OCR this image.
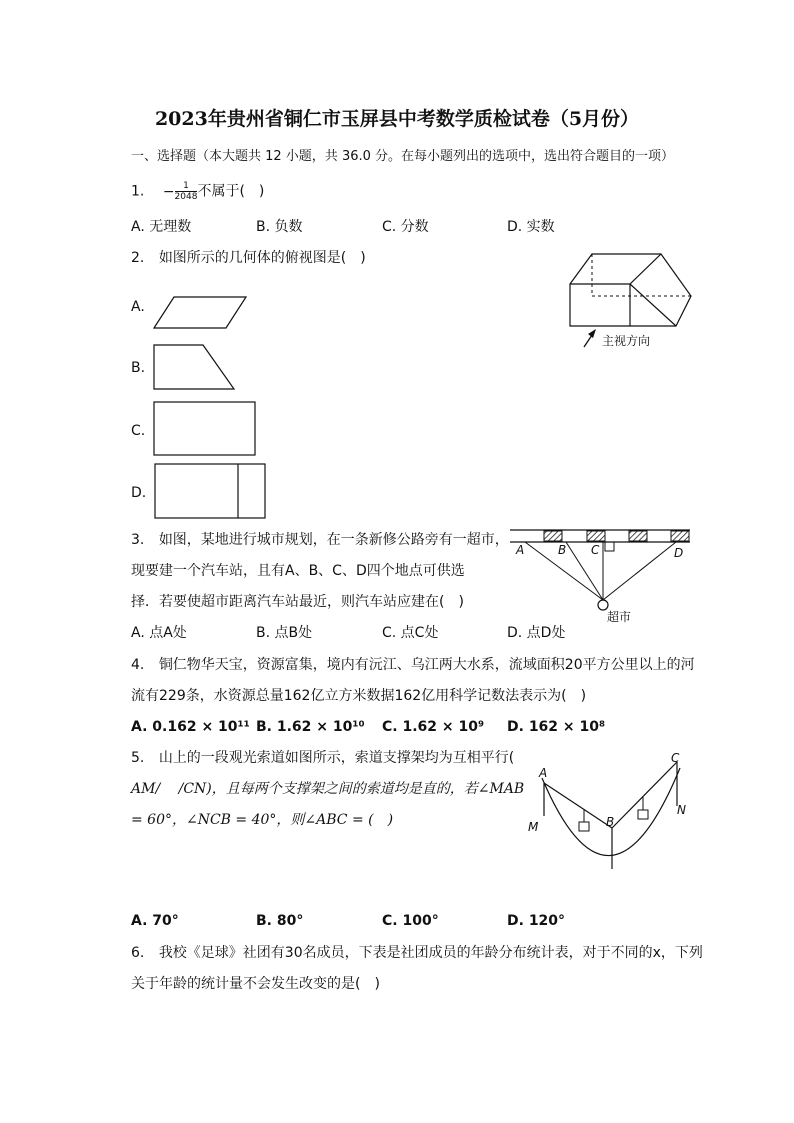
2023年贵州省铜仁市玉屏县中考数学质检试卷（5月份）
一、选择题（本大题共 12 小题，共 36.0 分。在每小题列出的选项中，选出符合题目的一项）
1. − $\frac{1}{2048}$ 不属于(　)
A. 无理数	B. 负数	C. 分数	D. 实数
2. 如图所示的几何体的俯视图是(　)
A.
B.
C.
D.
主视方向
3. 如图，某地进行城市规划，在一条新修公路旁有一超市，
现要建一个汽车站，且有A、B、C、D四个地点可供选
择．若要使超市距离汽车站最近，则汽车站应建在(　)
A. 点A处	B. 点B处	C. 点C处	D. 点D处
A	B C	D
超市
4. 铜仁物华天宝，资源富集，境内有沅江、乌江两大水系，流域面积20平方公里以上的河
流有229条，水资源总量162亿立方米数据162亿用科学记数法表示为(　)
A. 0.162 × 10¹¹ B. 1.62 × 10¹⁰ C. 1.62 × 10⁹ D. 162 × 10⁸
5. 山上的一段观光索道如图所示，索道支撑架均为互相平行(
AM/ 　/CN)，且每两个支撑架之间的索道均是直的，若∠MAB
= 60°，∠NCB = 40°，则∠ABC = (　)
A. 70°	B. 80°	C. 100°	D. 120°
A
B
C
M
N
6. 我校《足球》社团有30名成员，下表是社团成员的年龄分布统计表，对于不同的x，下列
关于年龄的统计量不会发生改变的是(　)
